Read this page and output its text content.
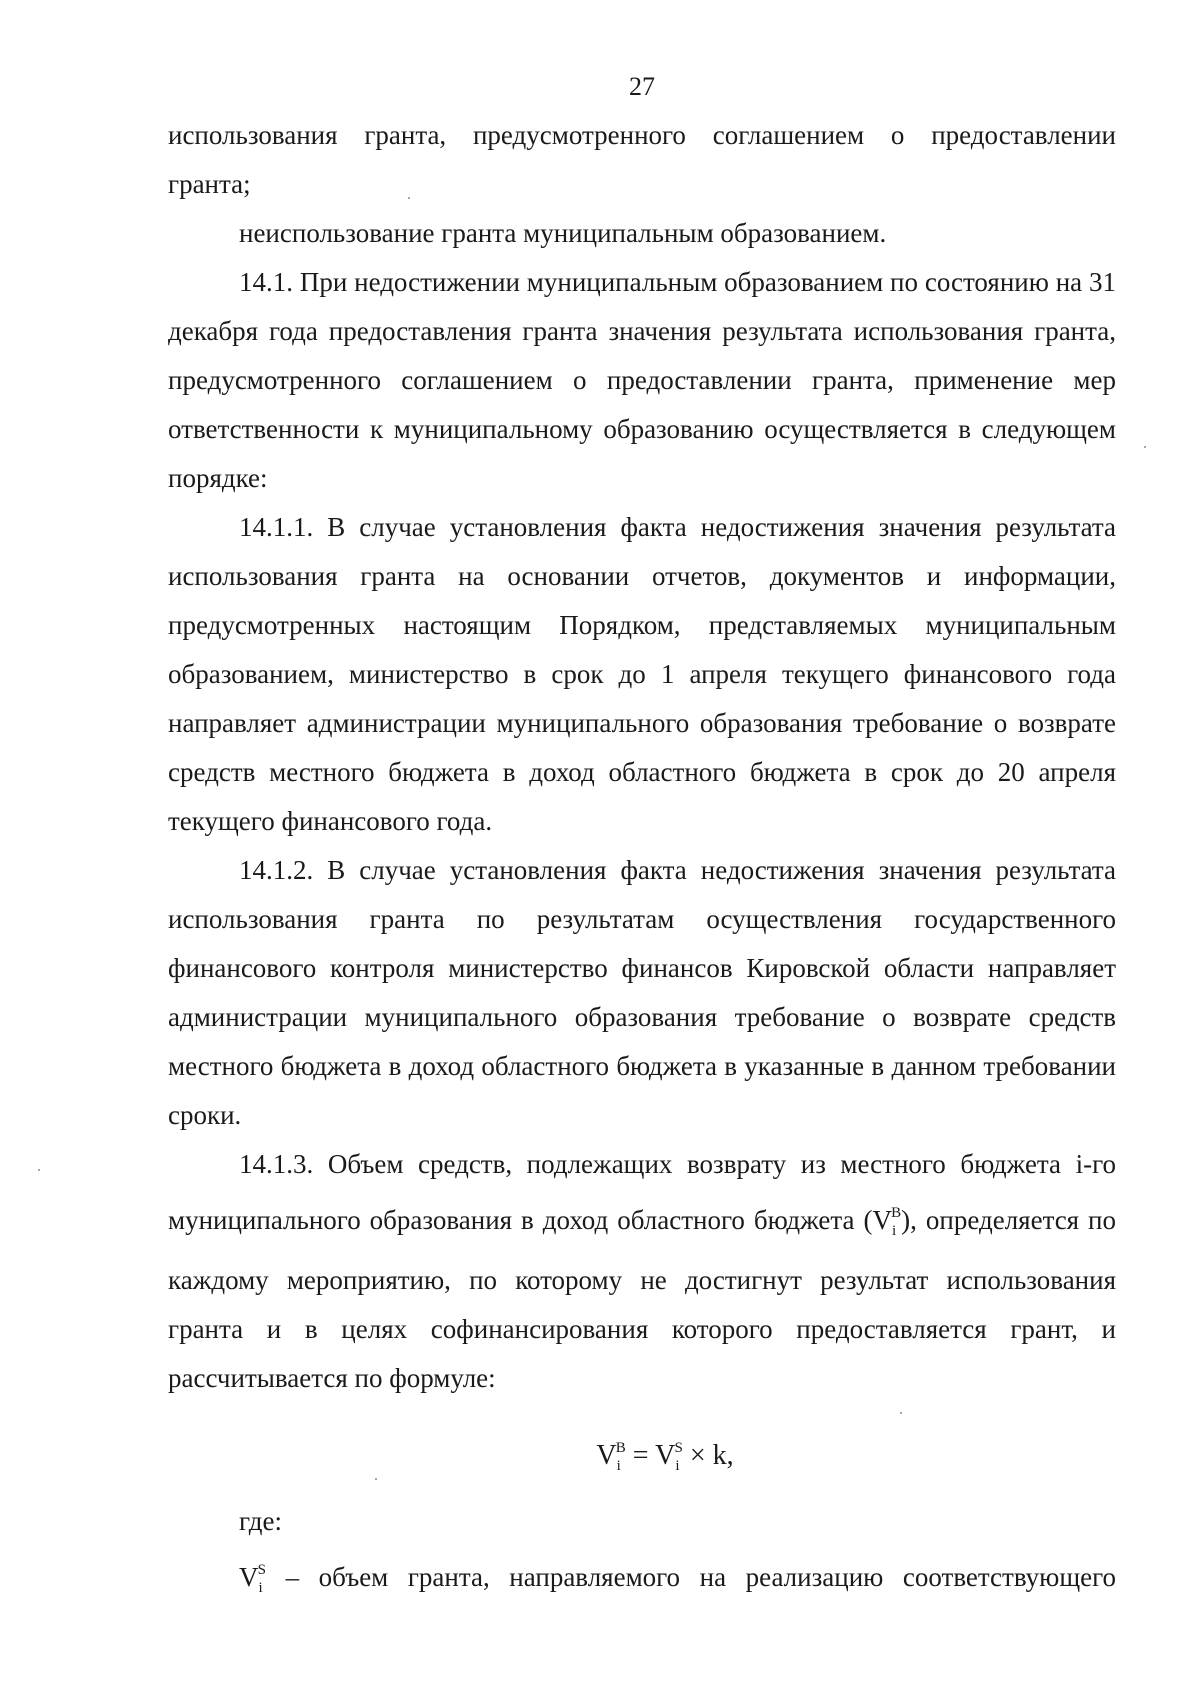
27

использования гранта, предусмотренного соглашением о предоставлении

гранта;

неиспользование гранта муниципальным образованием.

14.1. При недостижении муниципальным образованием по состоянию на 31 декабря года предоставления гранта значения результата использования гранта, предусмотренного соглашением о предоставлении гранта, применение мер ответственности к муниципальному образованию осуществляется в следующем порядке:

14.1.1. В случае установления факта недостижения значения результата использования гранта на основании отчетов, документов и информации, предусмотренных настоящим Порядком, представляемых муниципальным образованием, министерство в срок до 1 апреля текущего финансового года направляет администрации муниципального образования требование о возврате средств местного бюджета в доход областного бюджета в срок до 20 апреля текущего финансового года.

14.1.2. В случае установления факта недостижения значения результата использования гранта по результатам осуществления государственного финансового контроля министерство финансов Кировской области направляет администрации муниципального образования требование о возврате средств местного бюджета в доход областного бюджета в указанные в данном требовании сроки.

14.1.3. Объем средств, подлежащих возврату из местного бюджета i-го муниципального образования в доход областного бюджета $(V_i^B)$, определяется по каждому мероприятию, по которому не достигнут результат использования гранта и в целях софинансирования которого предоставляется грант, и рассчитывается по формуле:

$V_i^B = V_i^S \times k$,

где:

$V_i^S$ – объем гранта, направляемого на реализацию соответствующего
